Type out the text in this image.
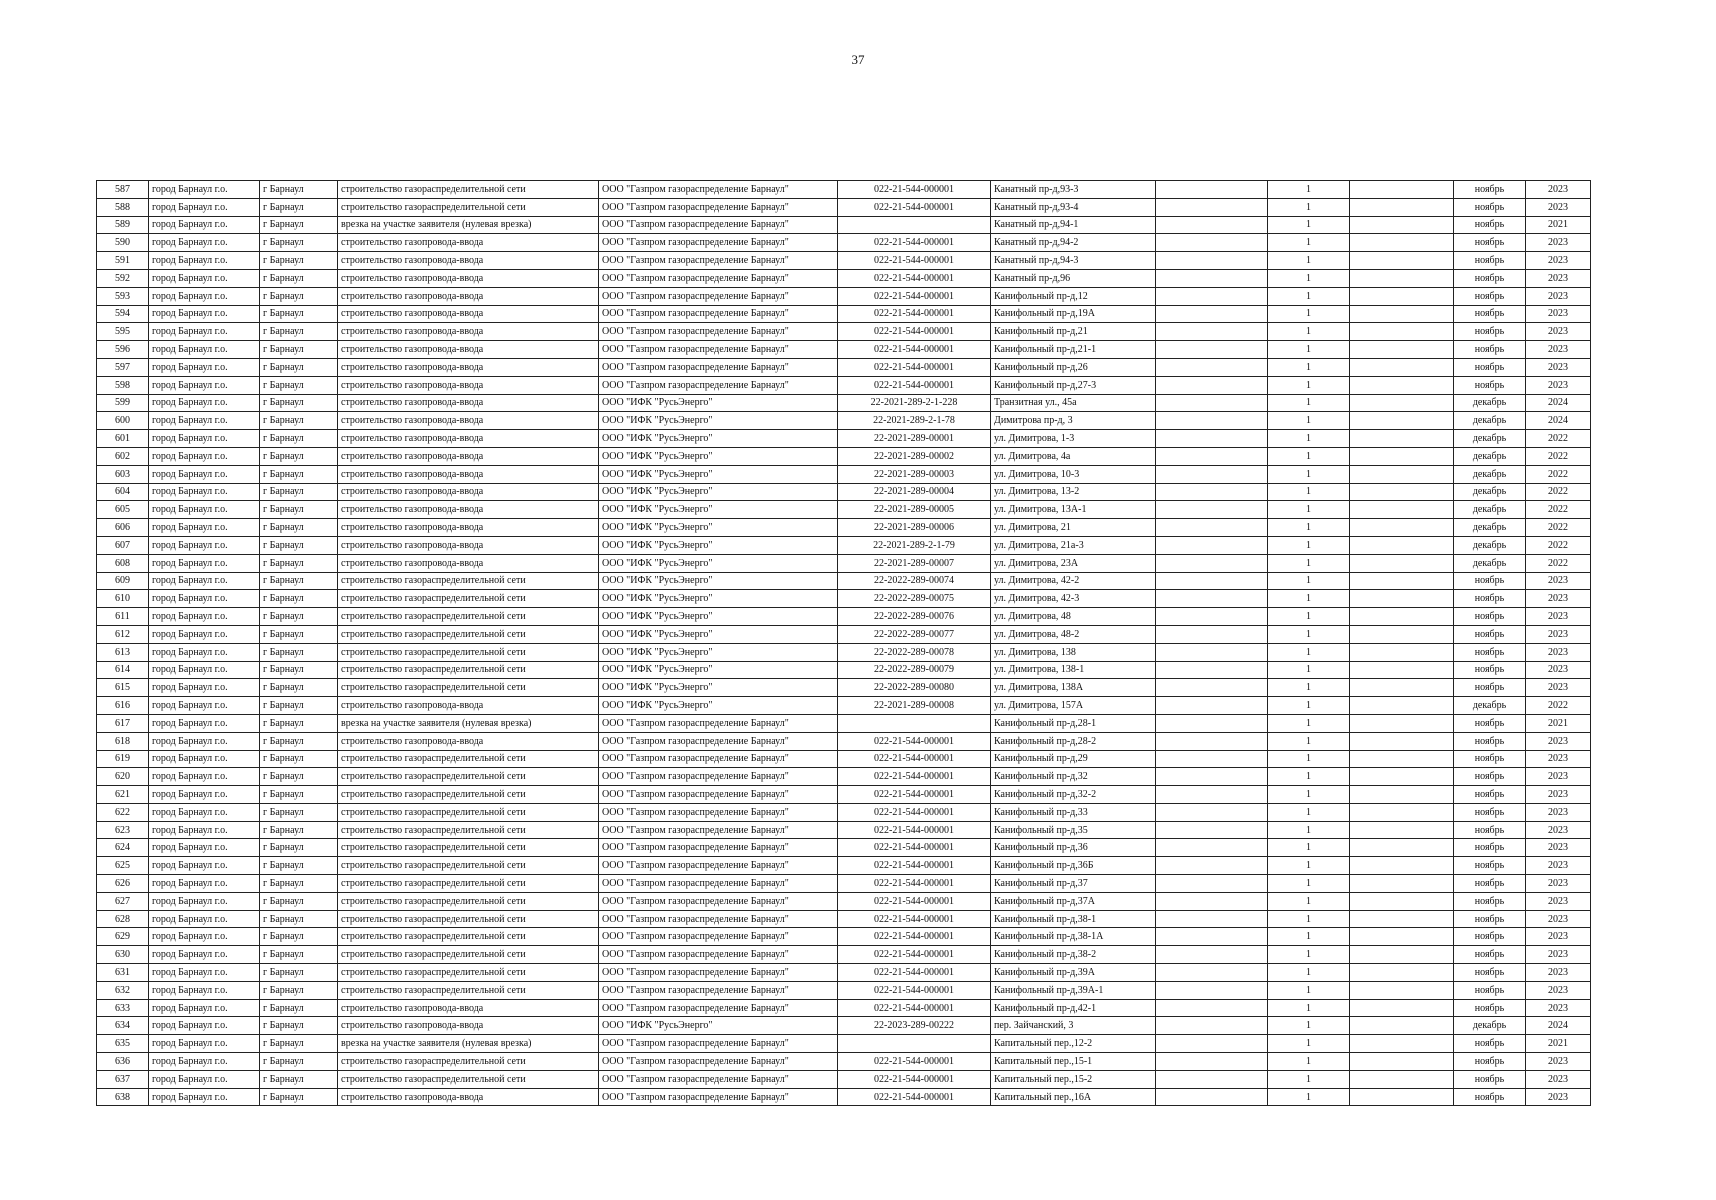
37
587	город Барнаул г.о.	г Барнаул	строительство газораспределительной сети	ООО "Газпром газораспределение Барнаул"	022-21-544-000001	Канатный пр-д,93-3		1		ноябрь	2023
588	город Барнаул г.о.	г Барнаул	строительство газораспределительной сети	ООО "Газпром газораспределение Барнаул"	022-21-544-000001	Канатный пр-д,93-4		1		ноябрь	2023
589	город Барнаул г.о.	г Барнаул	врезка на участке заявителя (нулевая врезка)	ООО "Газпром газораспределение Барнаул"		Канатный пр-д,94-1		1		ноябрь	2021
590	город Барнаул г.о.	г Барнаул	строительство газопровода-ввода	ООО "Газпром газораспределение Барнаул"	022-21-544-000001	Канатный пр-д,94-2		1		ноябрь	2023
591	город Барнаул г.о.	г Барнаул	строительство газопровода-ввода	ООО "Газпром газораспределение Барнаул"	022-21-544-000001	Канатный пр-д,94-3		1		ноябрь	2023
592	город Барнаул г.о.	г Барнаул	строительство газопровода-ввода	ООО "Газпром газораспределение Барнаул"	022-21-544-000001	Канатный пр-д,96		1		ноябрь	2023
593	город Барнаул г.о.	г Барнаул	строительство газопровода-ввода	ООО "Газпром газораспределение Барнаул"	022-21-544-000001	Канифольный пр-д,12		1		ноябрь	2023
594	город Барнаул г.о.	г Барнаул	строительство газопровода-ввода	ООО "Газпром газораспределение Барнаул"	022-21-544-000001	Канифольный пр-д,19А		1		ноябрь	2023
595	город Барнаул г.о.	г Барнаул	строительство газопровода-ввода	ООО "Газпром газораспределение Барнаул"	022-21-544-000001	Канифольный пр-д,21		1		ноябрь	2023
596	город Барнаул г.о.	г Барнаул	строительство газопровода-ввода	ООО "Газпром газораспределение Барнаул"	022-21-544-000001	Канифольный пр-д,21-1		1		ноябрь	2023
597	город Барнаул г.о.	г Барнаул	строительство газопровода-ввода	ООО "Газпром газораспределение Барнаул"	022-21-544-000001	Канифольный пр-д,26		1		ноябрь	2023
598	город Барнаул г.о.	г Барнаул	строительство газопровода-ввода	ООО "Газпром газораспределение Барнаул"	022-21-544-000001	Канифольный пр-д,27-3		1		ноябрь	2023
599	город Барнаул г.о.	г Барнаул	строительство газопровода-ввода	ООО "ИФК "РусьЭнерго"	22-2021-289-2-1-228	Транзитная ул., 45а		1		декабрь	2024
600	город Барнаул г.о.	г Барнаул	строительство газопровода-ввода	ООО "ИФК "РусьЭнерго"	22-2021-289-2-1-78	Димитрова пр-д, 3		1		декабрь	2024
601	город Барнаул г.о.	г Барнаул	строительство газопровода-ввода	ООО "ИФК "РусьЭнерго"	22-2021-289-00001	ул. Димитрова, 1-3		1		декабрь	2022
602	город Барнаул г.о.	г Барнаул	строительство газопровода-ввода	ООО "ИФК "РусьЭнерго"	22-2021-289-00002	ул. Димитрова, 4а		1		декабрь	2022
603	город Барнаул г.о.	г Барнаул	строительство газопровода-ввода	ООО "ИФК "РусьЭнерго"	22-2021-289-00003	ул. Димитрова, 10-3		1		декабрь	2022
604	город Барнаул г.о.	г Барнаул	строительство газопровода-ввода	ООО "ИФК "РусьЭнерго"	22-2021-289-00004	ул. Димитрова, 13-2		1		декабрь	2022
605	город Барнаул г.о.	г Барнаул	строительство газопровода-ввода	ООО "ИФК "РусьЭнерго"	22-2021-289-00005	ул. Димитрова, 13А-1		1		декабрь	2022
606	город Барнаул г.о.	г Барнаул	строительство газопровода-ввода	ООО "ИФК "РусьЭнерго"	22-2021-289-00006	ул. Димитрова, 21		1		декабрь	2022
607	город Барнаул г.о.	г Барнаул	строительство газопровода-ввода	ООО "ИФК "РусьЭнерго"	22-2021-289-2-1-79	ул. Димитрова, 21а-3		1		декабрь	2022
608	город Барнаул г.о.	г Барнаул	строительство газопровода-ввода	ООО "ИФК "РусьЭнерго"	22-2021-289-00007	ул. Димитрова, 23А		1		декабрь	2022
609	город Барнаул г.о.	г Барнаул	строительство газораспределительной сети	ООО "ИФК "РусьЭнерго"	22-2022-289-00074	ул. Димитрова, 42-2		1		ноябрь	2023
610	город Барнаул г.о.	г Барнаул	строительство газораспределительной сети	ООО "ИФК "РусьЭнерго"	22-2022-289-00075	ул. Димитрова, 42-3		1		ноябрь	2023
611	город Барнаул г.о.	г Барнаул	строительство газораспределительной сети	ООО "ИФК "РусьЭнерго"	22-2022-289-00076	ул. Димитрова, 48		1		ноябрь	2023
612	город Барнаул г.о.	г Барнаул	строительство газораспределительной сети	ООО "ИФК "РусьЭнерго"	22-2022-289-00077	ул. Димитрова, 48-2		1		ноябрь	2023
613	город Барнаул г.о.	г Барнаул	строительство газораспределительной сети	ООО "ИФК "РусьЭнерго"	22-2022-289-00078	ул. Димитрова, 138		1		ноябрь	2023
614	город Барнаул г.о.	г Барнаул	строительство газораспределительной сети	ООО "ИФК "РусьЭнерго"	22-2022-289-00079	ул. Димитрова, 138-1		1		ноябрь	2023
615	город Барнаул г.о.	г Барнаул	строительство газораспределительной сети	ООО "ИФК "РусьЭнерго"	22-2022-289-00080	ул. Димитрова, 138А		1		ноябрь	2023
616	город Барнаул г.о.	г Барнаул	строительство газопровода-ввода	ООО "ИФК "РусьЭнерго"	22-2021-289-00008	ул. Димитрова, 157А		1		декабрь	2022
617	город Барнаул г.о.	г Барнаул	врезка на участке заявителя (нулевая врезка)	ООО "Газпром газораспределение Барнаул"		Канифольный пр-д,28-1		1		ноябрь	2021
618	город Барнаул г.о.	г Барнаул	строительство газопровода-ввода	ООО "Газпром газораспределение Барнаул"	022-21-544-000001	Канифольный пр-д,28-2		1		ноябрь	2023
619	город Барнаул г.о.	г Барнаул	строительство газораспределительной сети	ООО "Газпром газораспределение Барнаул"	022-21-544-000001	Канифольный пр-д,29		1		ноябрь	2023
620	город Барнаул г.о.	г Барнаул	строительство газораспределительной сети	ООО "Газпром газораспределение Барнаул"	022-21-544-000001	Канифольный пр-д,32		1		ноябрь	2023
621	город Барнаул г.о.	г Барнаул	строительство газораспределительной сети	ООО "Газпром газораспределение Барнаул"	022-21-544-000001	Канифольный пр-д,32-2		1		ноябрь	2023
622	город Барнаул г.о.	г Барнаул	строительство газораспределительной сети	ООО "Газпром газораспределение Барнаул"	022-21-544-000001	Канифольный пр-д,33		1		ноябрь	2023
623	город Барнаул г.о.	г Барнаул	строительство газораспределительной сети	ООО "Газпром газораспределение Барнаул"	022-21-544-000001	Канифольный пр-д,35		1		ноябрь	2023
624	город Барнаул г.о.	г Барнаул	строительство газораспределительной сети	ООО "Газпром газораспределение Барнаул"	022-21-544-000001	Канифольный пр-д,36		1		ноябрь	2023
625	город Барнаул г.о.	г Барнаул	строительство газораспределительной сети	ООО "Газпром газораспределение Барнаул"	022-21-544-000001	Канифольный пр-д,36Б		1		ноябрь	2023
626	город Барнаул г.о.	г Барнаул	строительство газораспределительной сети	ООО "Газпром газораспределение Барнаул"	022-21-544-000001	Канифольный пр-д,37		1		ноябрь	2023
627	город Барнаул г.о.	г Барнаул	строительство газораспределительной сети	ООО "Газпром газораспределение Барнаул"	022-21-544-000001	Канифольный пр-д,37А		1		ноябрь	2023
628	город Барнаул г.о.	г Барнаул	строительство газораспределительной сети	ООО "Газпром газораспределение Барнаул"	022-21-544-000001	Канифольный пр-д,38-1		1		ноябрь	2023
629	город Барнаул г.о.	г Барнаул	строительство газораспределительной сети	ООО "Газпром газораспределение Барнаул"	022-21-544-000001	Канифольный пр-д,38-1А		1		ноябрь	2023
630	город Барнаул г.о.	г Барнаул	строительство газораспределительной сети	ООО "Газпром газораспределение Барнаул"	022-21-544-000001	Канифольный пр-д,38-2		1		ноябрь	2023
631	город Барнаул г.о.	г Барнаул	строительство газораспределительной сети	ООО "Газпром газораспределение Барнаул"	022-21-544-000001	Канифольный пр-д,39А		1		ноябрь	2023
632	город Барнаул г.о.	г Барнаул	строительство газораспределительной сети	ООО "Газпром газораспределение Барнаул"	022-21-544-000001	Канифольный пр-д,39А-1		1		ноябрь	2023
633	город Барнаул г.о.	г Барнаул	строительство газопровода-ввода	ООО "Газпром газораспределение Барнаул"	022-21-544-000001	Канифольный пр-д,42-1		1		ноябрь	2023
634	город Барнаул г.о.	г Барнаул	строительство газопровода-ввода	ООО "ИФК "РусьЭнерго"	22-2023-289-00222	пер. Зайчанский, 3		1		декабрь	2024
635	город Барнаул г.о.	г Барнаул	врезка на участке заявителя (нулевая врезка)	ООО "Газпром газораспределение Барнаул"		Капитальный пер.,12-2		1		ноябрь	2021
636	город Барнаул г.о.	г Барнаул	строительство газораспределительной сети	ООО "Газпром газораспределение Барнаул"	022-21-544-000001	Капитальный пер.,15-1		1		ноябрь	2023
637	город Барнаул г.о.	г Барнаул	строительство газораспределительной сети	ООО "Газпром газораспределение Барнаул"	022-21-544-000001	Капитальный пер.,15-2		1		ноябрь	2023
638	город Барнаул г.о.	г Барнаул	строительство газопровода-ввода	ООО "Газпром газораспределение Барнаул"	022-21-544-000001	Капитальный пер.,16А		1		ноябрь	2023
